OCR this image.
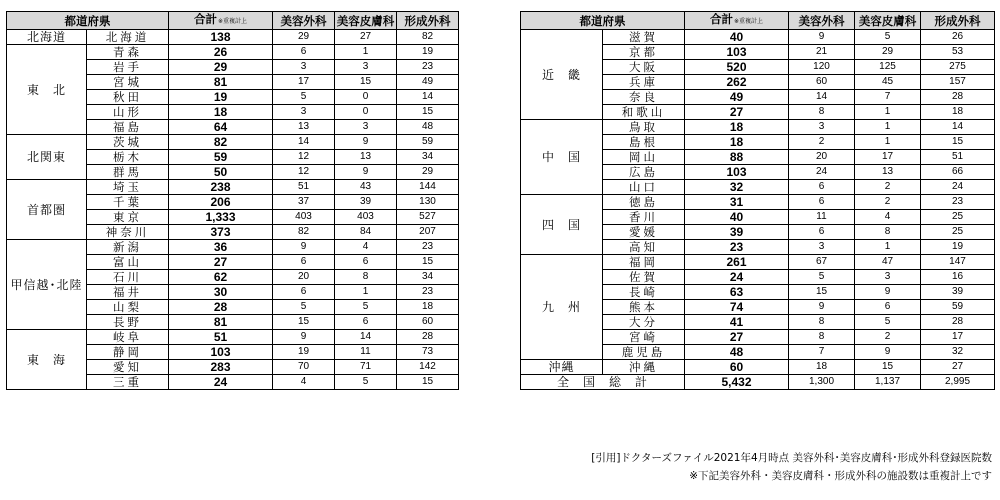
都道府県		合計※重複計上	美容外科	美容皮膚科	形成外科
北海道	北海道	138	29	27	82
東　北	青森	26	6	1	19
	岩手	29	3	3	23
	宮城	81	17	15	49
	秋田	19	5	0	14
	山形	18	3	0	15
	福島	64	13	3	48
北関東	茨城	82	14	9	59
	栃木	59	12	13	34
	群馬	50	12	9	29
首都圏	埼玉	238	51	43	144
	千葉	206	37	39	130
	東京	1,333	403	403	527
	神奈川	373	82	84	207
甲信越･北陸	新潟	36	9	4	23
	富山	27	6	6	15
	石川	62	20	8	34
	福井	30	6	1	23
	山梨	28	5	5	18
	長野	81	15	6	60
東　海	岐阜	51	9	14	28
	静岡	103	19	11	73
	愛知	283	70	71	142
	三重	24	4	5	15
都道府県		合計※重複計上	美容外科	美容皮膚科	形成外科
近　畿	滋賀	40	9	5	26
	京都	103	21	29	53
	大阪	520	120	125	275
	兵庫	262	60	45	157
	奈良	49	14	7	28
	和歌山	27	8	1	18
中　国	鳥取	18	3	1	14
	島根	18	2	1	15
	岡山	88	20	17	51
	広島	103	24	13	66
	山口	32	6	2	24
四　国	徳島	31	6	2	23
	香川	40	11	4	25
	愛媛	39	6	8	25
	高知	23	3	1	19
九　州	福岡	261	67	47	147
	佐賀	24	5	3	16
	長崎	63	15	9	39
	熊本	74	9	6	59
	大分	41	8	5	28
	宮崎	27	8	2	17
	鹿児島	48	7	9	32
沖縄	沖縄	60	18	15	27
全　国　総　計		5,432	1,300	1,137	2,995
[引用]ドクターズファイル2021年4月時点 美容外科･美容皮膚科･形成外科登録医院数
※下記美容外科・美容皮膚科・形成外科の施設数は重複計上です
